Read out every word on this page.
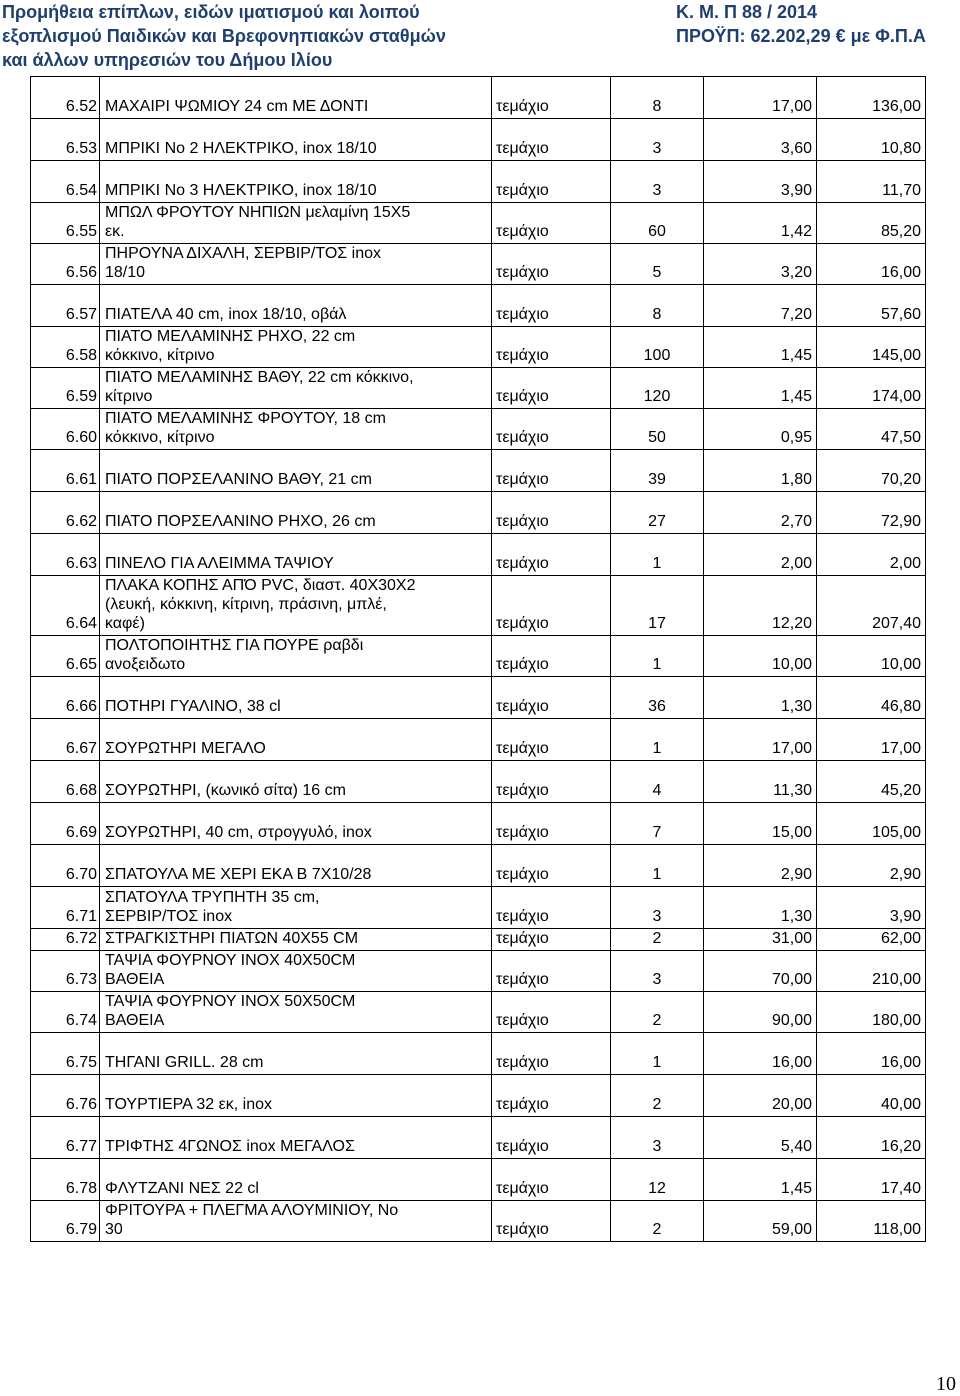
Προμήθεια επίπλων, ειδών ιματισμού και λοιπού
εξοπλισμού Παιδικών και Βρεφονηπιακών σταθμών
και άλλων υπηρεσιών του Δήμου Ιλίου
Κ. Μ. Π 88 / 2014
ΠΡΟΫΠ: 62.202,29 € με Φ.Π.Α
6.52	ΜΑΧΑΙΡΙ ΨΩΜΙΟΥ 24 cm ΜΕ ΔΟΝΤΙ	τεμάχιο	8	17,00	136,00
6.53	ΜΠΡΙΚΙ No 2 ΗΛΕΚΤΡΙΚΟ, inox 18/10	τεμάχιο	3	3,60	10,80
6.54	ΜΠΡΙΚΙ No 3 ΗΛΕΚΤΡΙΚΟ, inox 18/10	τεμάχιο	3	3,90	11,70
6.55	ΜΠΩΛ ΦΡΟΥΤΟΥ ΝΗΠΙΩΝ μελαμίνη 15Χ5
εκ.	τεμάχιο	60	1,42	85,20
6.56	ΠΗΡΟΥΝΑ ΔΙΧΑΛΗ, ΣΕΡΒΙΡ/ΤΟΣ inox
18/10	τεμάχιο	5	3,20	16,00
6.57	ΠΙΑΤΕΛΑ 40 cm, inox 18/10, οβάλ	τεμάχιο	8	7,20	57,60
6.58	ΠΙΑΤΟ ΜΕΛΑΜΙΝΗΣ ΡΗΧΟ, 22 cm
κόκκινο, κίτρινο	τεμάχιο	100	1,45	145,00
6.59	ΠΙΑΤΟ ΜΕΛΑΜΙΝΗΣ ΒΑΘΥ, 22 cm κόκκινο,
κίτρινο	τεμάχιο	120	1,45	174,00
6.60	ΠΙΑΤΟ ΜΕΛΑΜΙΝΗΣ ΦΡΟΥΤΟΥ, 18 cm
κόκκινο, κίτρινο	τεμάχιο	50	0,95	47,50
6.61	ΠΙΑΤΟ ΠΟΡΣΕΛΑΝΙΝΟ ΒΑΘΥ, 21 cm	τεμάχιο	39	1,80	70,20
6.62	ΠΙΑΤΟ ΠΟΡΣΕΛΑΝΙΝΟ ΡΗΧΟ, 26 cm	τεμάχιο	27	2,70	72,90
6.63	ΠΙΝΕΛΟ ΓΙΑ ΑΛΕΙΜΜΑ ΤΑΨΙΟΥ	τεμάχιο	1	2,00	2,00
6.64	ΠΛΑΚΑ ΚΟΠΗΣ ΑΠΌ PVC, διαστ. 40Χ30Χ2
(λευκή, κόκκινη, κίτρινη, πράσινη, μπλέ,
καφέ)	τεμάχιο	17	12,20	207,40
6.65	ΠΟΛΤΟΠΟΙΗΤΗΣ ΓΙΑ ΠΟΥΡΕ ραβδι
ανοξειδωτο	τεμάχιο	1	10,00	10,00
6.66	ΠΟΤΗΡΙ ΓΥΑΛΙΝΟ, 38 cl	τεμάχιο	36	1,30	46,80
6.67	ΣΟΥΡΩΤΗΡΙ ΜΕΓΑΛΟ	τεμάχιο	1	17,00	17,00
6.68	ΣΟΥΡΩΤΗΡΙ, (κωνικό σίτα) 16 cm	τεμάχιο	4	11,30	45,20
6.69	ΣΟΥΡΩΤΗΡΙ, 40 cm, στρογγυλό, inox	τεμάχιο	7	15,00	105,00
6.70	ΣΠΑΤΟΥΛΑ ΜΕ ΧΕΡΙ ΕΚΑ Β 7Χ10/28	τεμάχιο	1	2,90	2,90
6.71	ΣΠΑΤΟΥΛΑ ΤΡΥΠΗΤΗ 35 cm,
ΣΕΡΒΙΡ/ΤΟΣ inox	τεμάχιο	3	1,30	3,90
6.72	ΣΤΡΑΓΚΙΣΤΗΡΙ ΠΙΑΤΩΝ 40Χ55 CM	τεμάχιο	2	31,00	62,00
6.73	ΤΑΨΙΑ ΦΟΥΡΝΟΥ ΙΝΟΧ 40Χ50CM
ΒΑΘΕΙΑ	τεμάχιο	3	70,00	210,00
6.74	ΤΑΨΙΑ ΦΟΥΡΝΟΥ ΙΝΟΧ 50Χ50CM
ΒΑΘΕΙΑ	τεμάχιο	2	90,00	180,00
6.75	ΤΗΓΑΝΙ GRILL. 28 cm	τεμάχιο	1	16,00	16,00
6.76	ΤΟΥΡΤΙΕΡΑ 32 εκ, inox	τεμάχιο	2	20,00	40,00
6.77	ΤΡΙΦΤΗΣ 4ΓΩΝΟΣ inox ΜΕΓΑΛΟΣ	τεμάχιο	3	5,40	16,20
6.78	ΦΛΥΤΖΑΝΙ ΝΕΣ 22 cl	τεμάχιο	12	1,45	17,40
6.79	ΦΡΙΤΟΥΡΑ + ΠΛΕΓΜΑ ΑΛΟΥΜΙΝΙΟΥ, Νο
30	τεμάχιο	2	59,00	118,00
10
